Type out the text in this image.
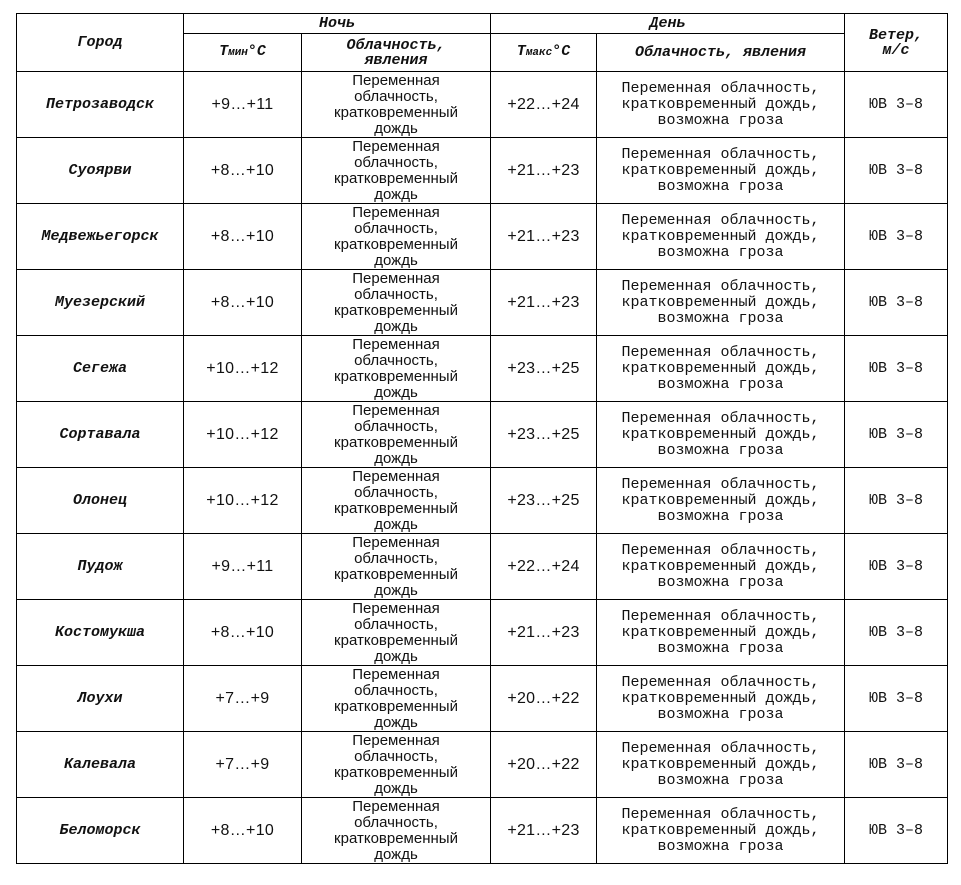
Город	Ночь		День		Ветер,
м/с
	Тмин°С	Облачность,
явления	Тмакс°С	Облачность, явления	
Петрозаводск	+9…+11	Переменная
облачность,
кратковременный
дождь	+22…+24	Переменная облачность,
кратковременный дождь,
возможна гроза	ЮВ 3–8
Суоярви	+8…+10	Переменная
облачность,
кратковременный
дождь	+21…+23	Переменная облачность,
кратковременный дождь,
возможна гроза	ЮВ 3–8
Медвежьегорск	+8…+10	Переменная
облачность,
кратковременный
дождь	+21…+23	Переменная облачность,
кратковременный дождь,
возможна гроза	ЮВ 3–8
Муезерский	+8…+10	Переменная
облачность,
кратковременный
дождь	+21…+23	Переменная облачность,
кратковременный дождь,
возможна гроза	ЮВ 3–8
Сегежа	+10…+12	Переменная
облачность,
кратковременный
дождь	+23…+25	Переменная облачность,
кратковременный дождь,
возможна гроза	ЮВ 3–8
Сортавала	+10…+12	Переменная
облачность,
кратковременный
дождь	+23…+25	Переменная облачность,
кратковременный дождь,
возможна гроза	ЮВ 3–8
Олонец	+10…+12	Переменная
облачность,
кратковременный
дождь	+23…+25	Переменная облачность,
кратковременный дождь,
возможна гроза	ЮВ 3–8
Пудож	+9…+11	Переменная
облачность,
кратковременный
дождь	+22…+24	Переменная облачность,
кратковременный дождь,
возможна гроза	ЮВ 3–8
Костомукша	+8…+10	Переменная
облачность,
кратковременный
дождь	+21…+23	Переменная облачность,
кратковременный дождь,
возможна гроза	ЮВ 3–8
Лоухи	+7…+9	Переменная
облачность,
кратковременный
дождь	+20…+22	Переменная облачность,
кратковременный дождь,
возможна гроза	ЮВ 3–8
Калевала	+7…+9	Переменная
облачность,
кратковременный
дождь	+20…+22	Переменная облачность,
кратковременный дождь,
возможна гроза	ЮВ 3–8
Беломорск	+8…+10	Переменная
облачность,
кратковременный
дождь	+21…+23	Переменная облачность,
кратковременный дождь,
возможна гроза	ЮВ 3–8
